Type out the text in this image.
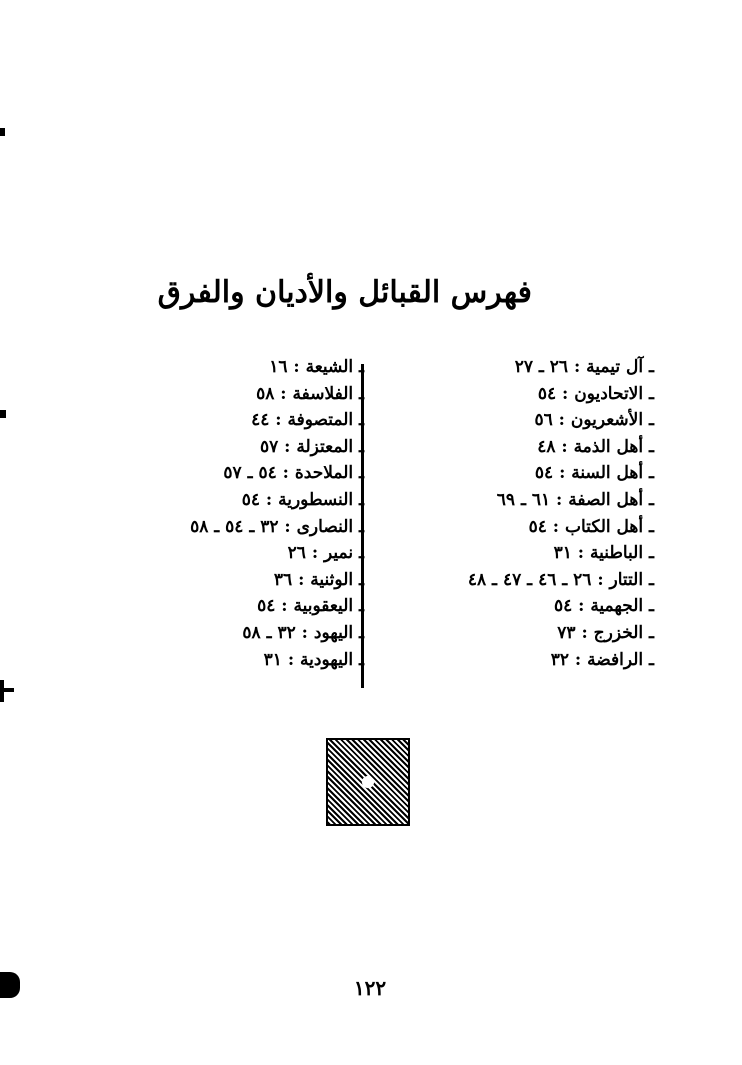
فهرس القبائل والأديان والفرق
ـ آل تيمية : ٢٦ ـ ٢٧
ـ الاتحاديون : ٥٤
ـ الأشعريون : ٥٦
ـ أهل الذمة : ٤٨
ـ أهل السنة : ٥٤
ـ أهل الصفة : ٦١ ـ ٦٩
ـ أهل الكتاب : ٥٤
ـ الباطنية : ٣١
ـ التتار : ٢٦ ـ ٤٦ ـ ٤٧ ـ ٤٨
ـ الجهمية : ٥٤
ـ الخزرج : ٧٣
ـ الرافضة : ٣٢
ـ الشيعة : ١٦
ـ الفلاسفة : ٥٨
ـ المتصوفة : ٤٤
ـ المعتزلة : ٥٧
ـ الملاحدة : ٥٤ ـ ٥٧
ـ النسطورية : ٥٤
ـ النصارى : ٣٢ ـ ٥٤ ـ ٥٨
ـ نمير : ٢٦
ـ الوثنية : ٣٦
ـ اليعقوبية : ٥٤
ـ اليهود : ٣٢ ـ ٥٨
ـ اليهودية : ٣١
١٢٢
